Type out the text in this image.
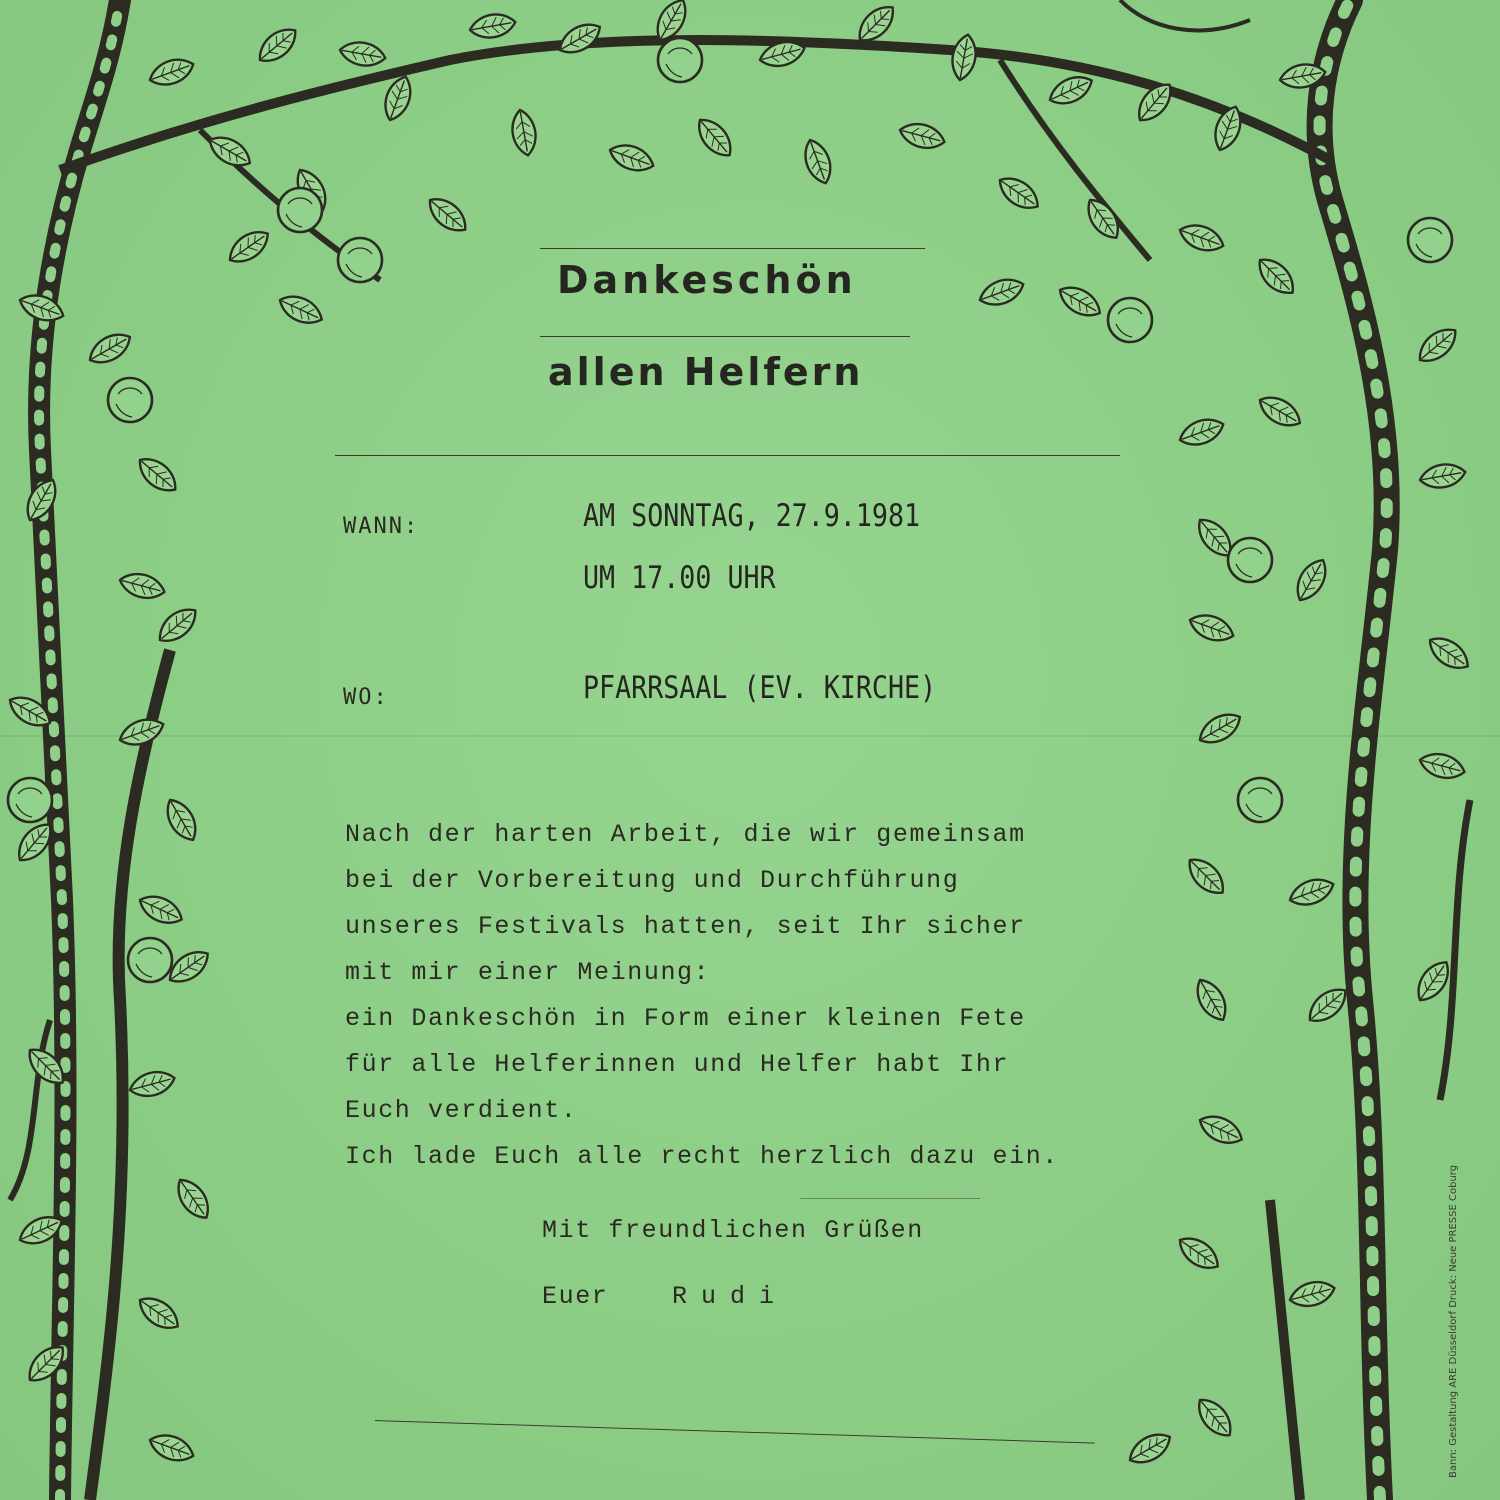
Dankeschön
allen Helfern
WANN:	AM SONNTAG, 27.9.1981
UM 17.00 UHR
WO:	PFARRSAAL (EV. KIRCHE)
Nach der harten Arbeit, die wir gemeinsam
bei der Vorbereitung und Durchführung
unseres Festivals hatten, seit Ihr sicher
mit mir einer Meinung:
ein Dankeschön in Form einer kleinen Fete
für alle Helferinnen und Helfer habt Ihr
Euch verdient.
Ich lade Euch alle recht herzlich dazu ein.
Mit freundlichen Grüßen
Euer	Rudi	Bann: Gestaltung ARE Düsseldorf Druck: Neue PRESSE Coburg
